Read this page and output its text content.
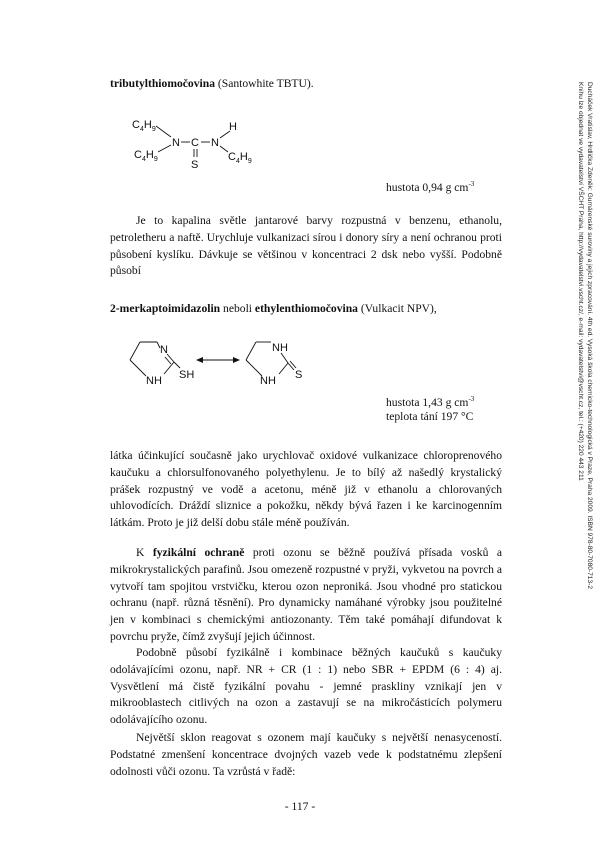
tributylthiomočovina (Santowhite TBTU).

$C_4H_9$
$C_4H_9$
N C
S
N
H
$C_4H_9$

hustota 0,94 g $cm^{-3}$

Je to kapalina světle jantarové barvy rozpustná v benzenu, ethanolu, petroletheru a naftě. Urychluje vulkanizaci sírou i donory síry a není ochranou proti působení kyslíku. Dávkuje se většinou v koncentraci 2 dsk nebo vyšší. Podobně působí

2-merkaptoimidazolin neboli ethylenthiomočovina (Vulkacit NPV),

N
NH SH
NH
NH S

hustota 1,43 g $cm^{-3}$

teplota tání 197 °C

látka účinkující současně jako urychlovač oxidové vulkanizace chloroprenového kaučuku a chlorsulfonovaného polyethylenu. Je to bílý až našedlý krystalický prášek rozpustný ve vodě a acetonu, méně již v ethanolu a chlorovaných uhlovodících. Dráždí sliznice a pokožku, někdy bývá řazen i ke karcinogenním látkám. Proto je již delší dobu stále méně používán.

K fyzikální ochraně proti ozonu se běžně používá přísada vosků a mikrokrystalických parafinů. Jsou omezeně rozpustné v pryži, vykvetou na povrch a vytvoří tam spojitou vrstvičku, kterou ozon neproniká. Jsou vhodné pro statickou ochranu (např. různá těsnění). Pro dynamicky namáhané výrobky jsou použitelné jen v kombinaci s chemickými antiozonanty. Těm také pomáhají difundovat k povrchu pryže, čímž zvyšují jejich účinnost.

Podobně působí fyzikálně i kombinace běžných kaučuků s kaučuky odolávajícími ozonu, např. NR + CR (1 : 1) nebo SBR + EPDM (6 : 4) aj. Vysvětlení má čistě fyzikální povahu - jemné praskliny vznikají jen v mikrooblastech citlivých na ozon a zastavují se na mikročásticích polymeru odolávajícího ozonu.

Největší sklon reagovat s ozonem mají kaučuky s největší nenasyceností. Podstatné zmenšení koncentrace dvojných vazeb vede k podstatnému zlepšení odolnosti vůči ozonu. Ta vzrůstá v řadě:

Ducháček Vratislav, Hrdlička Zdeněk: Gumárenské suroviny a jejich zpracování. 4th ed. Vysoká škola chemicko-technologická v Praze, Praha 2009. ISBN 978-80-7080-713-2
Knihu lze objednat ve vydavatelství VŠCHT Praha, http://vydavatelstvi.vscht.cz/, e-mail: vydavatelstvi@vscht.cz, tel.: (+420) 220 443 211
- 117 -
